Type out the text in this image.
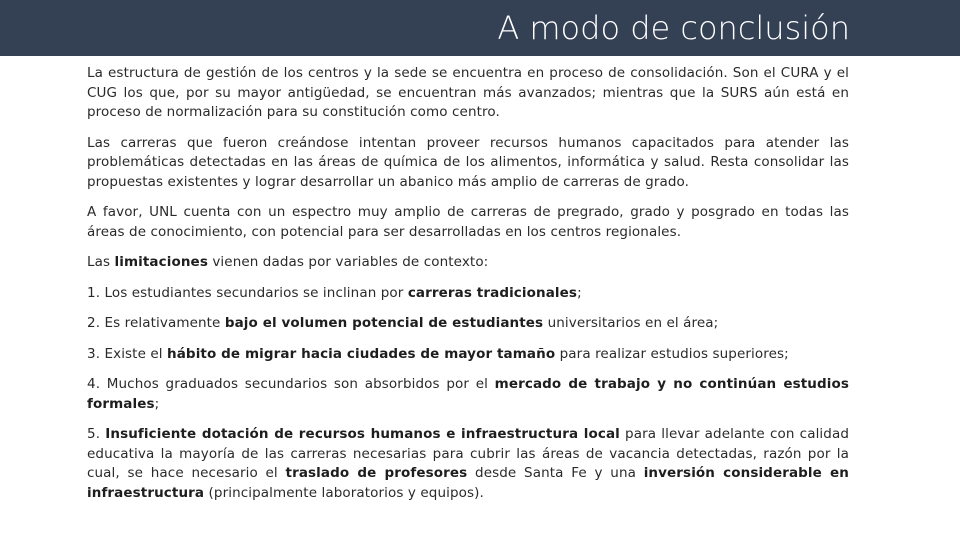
A modo de conclusión

La estructura de gestión de los centros y la sede se encuentra en proceso de consolidación. Son el CURA y el CUG los que, por su mayor antigüedad, se encuentran más avanzados; mientras que la SURS aún está en proceso de normalización para su constitución como centro.

Las carreras que fueron creándose intentan proveer recursos humanos capacitados para atender las problemáticas detectadas en las áreas de química de los alimentos, informática y salud. Resta consolidar las propuestas existentes y lograr desarrollar un abanico más amplio de carreras de grado.

A favor, UNL cuenta con un espectro muy amplio de carreras de pregrado, grado y posgrado en todas las áreas de conocimiento, con potencial para ser desarrolladas en los centros regionales.

Las limitaciones vienen dadas por variables de contexto:

1. Los estudiantes secundarios se inclinan por carreras tradicionales;

2. Es relativamente bajo el volumen potencial de estudiantes universitarios en el área;

3. Existe el hábito de migrar hacia ciudades de mayor tamaño para realizar estudios superiores;

4. Muchos graduados secundarios son absorbidos por el mercado de trabajo y no continúan estudios formales;

5. Insuficiente dotación de recursos humanos e infraestructura local para llevar adelante con calidad educativa la mayoría de las carreras necesarias para cubrir las áreas de vacancia detectadas, razón por la cual, se hace necesario el traslado de profesores desde Santa Fe y una inversión considerable en infraestructura (principalmente laboratorios y equipos).
